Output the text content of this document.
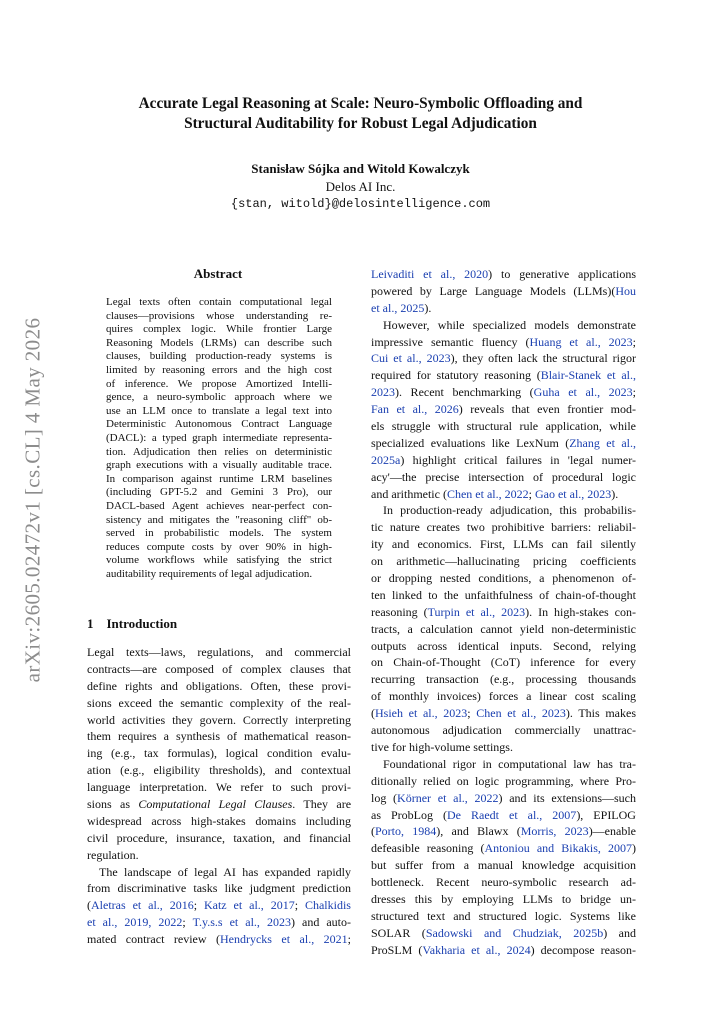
Accurate Legal Reasoning at Scale: Neuro-Symbolic Offloading and
Structural Auditability for Robust Legal Adjudication
Stanisław Sójka and Witold Kowalczyk
Delos AI Inc.
{stan, witold}@delosintelligence.com
arXiv:2605.02472v1 [cs.CL] 4 May 2026
Abstract
Legal texts often contain computational legal
clauses—provisions whose understanding re-
quires complex logic. While frontier Large
Reasoning Models (LRMs) can describe such
clauses, building production-ready systems is
limited by reasoning errors and the high cost
of inference. We propose Amortized Intelli-
gence, a neuro-symbolic approach where we
use an LLM once to translate a legal text into
Deterministic Autonomous Contract Language
(DACL): a typed graph intermediate representa-
tion. Adjudication then relies on deterministic
graph executions with a visually auditable trace.
In comparison against runtime LRM baselines
(including GPT-5.2 and Gemini 3 Pro), our
DACL-based Agent achieves near-perfect con-
sistency and mitigates the "reasoning cliff" ob-
served in probabilistic models. The system
reduces compute costs by over 90% in high-
volume workflows while satisfying the strict
auditability requirements of legal adjudication.
1 Introduction
Legal texts—laws, regulations, and commercial
contracts—are composed of complex clauses that
define rights and obligations. Often, these provi-
sions exceed the semantic complexity of the real-
world activities they govern. Correctly interpreting
them requires a synthesis of mathematical reason-
ing (e.g., tax formulas), logical condition evalu-
ation (e.g., eligibility thresholds), and contextual
language interpretation. We refer to such provi-
sions as Computational Legal Clauses. They are
widespread across high-stakes domains including
civil procedure, insurance, taxation, and financial
regulation.
The landscape of legal AI has expanded rapidly
from discriminative tasks like judgment prediction
(Aletras et al., 2016; Katz et al., 2017; Chalkidis
et al., 2019, 2022; T.y.s.s et al., 2023) and auto-
mated contract review (Hendrycks et al., 2021;
Leivaditi et al., 2020) to generative applications
powered by Large Language Models (LLMs)(Hou
et al., 2025).
However, while specialized models demonstrate
impressive semantic fluency (Huang et al., 2023;
Cui et al., 2023), they often lack the structural rigor
required for statutory reasoning (Blair-Stanek et al.,
2023). Recent benchmarking (Guha et al., 2023;
Fan et al., 2026) reveals that even frontier mod-
els struggle with structural rule application, while
specialized evaluations like LexNum (Zhang et al.,
2025a) highlight critical failures in 'legal numer-
acy'—the precise intersection of procedural logic
and arithmetic (Chen et al., 2022; Gao et al., 2023).
In production-ready adjudication, this probabilis-
tic nature creates two prohibitive barriers: reliabil-
ity and economics. First, LLMs can fail silently
on arithmetic—hallucinating pricing coefficients
or dropping nested conditions, a phenomenon of-
ten linked to the unfaithfulness of chain-of-thought
reasoning (Turpin et al., 2023). In high-stakes con-
tracts, a calculation cannot yield non-deterministic
outputs across identical inputs. Second, relying
on Chain-of-Thought (CoT) inference for every
recurring transaction (e.g., processing thousands
of monthly invoices) forces a linear cost scaling
(Hsieh et al., 2023; Chen et al., 2023). This makes
autonomous adjudication commercially unattrac-
tive for high-volume settings.
Foundational rigor in computational law has tra-
ditionally relied on logic programming, where Pro-
log (Körner et al., 2022) and its extensions—such
as ProbLog (De Raedt et al., 2007), EPILOG
(Porto, 1984), and Blawx (Morris, 2023)—enable
defeasible reasoning (Antoniou and Bikakis, 2007)
but suffer from a manual knowledge acquisition
bottleneck. Recent neuro-symbolic research ad-
dresses this by employing LLMs to bridge un-
structured text and structured logic. Systems like
SOLAR (Sadowski and Chudziak, 2025b) and
ProSLM (Vakharia et al., 2024) decompose reason-
